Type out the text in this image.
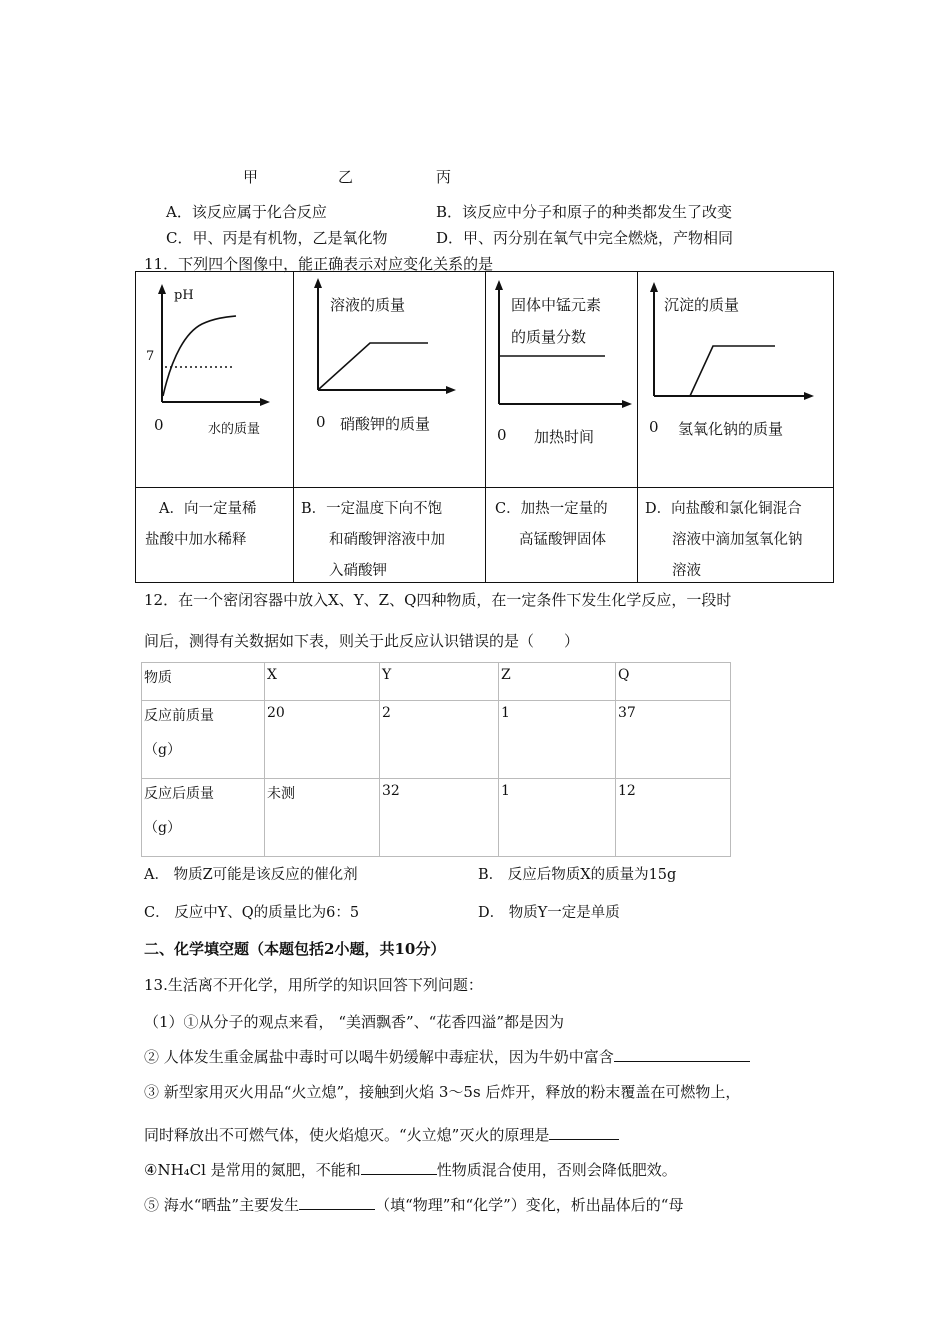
甲	乙	丙
A．该反应属于化合反应	B．该反应中分子和原子的种类都发生了改变
C．甲、丙是有机物，乙是氧化物	D．甲、丙分别在氧气中完全燃烧，产物相同
11．下列四个图像中，能正确表示对应变化关系的是
pH
7
0	水的质量
溶液的质量
0 硝酸钾的质量
固体中锰元素
的质量分数
0 加热时间
沉淀的质量
0 氢氧化钠的质量
A．向一定量稀
盐酸中加水稀释
B．一定温度下向不饱
和硝酸钾溶液中加
入硝酸钾
C．加热一定量的
高锰酸钾固体
D．向盐酸和氯化铜混合
溶液中滴加氢氧化钠
溶液
12．在一个密闭容器中放入X、Y、Z、Q四种物质，在一定条件下发生化学反应，一段时
间后，测得有关数据如下表，则关于此反应认识错误的是（　　）
物质	X	Y	Z	Q

反应前质量
（g）	20	2	1	37

反应后质量
（g）	未测	32	1	12
A． 物质Z可能是该反应的催化剂	B． 反应后物质X的质量为15g
C． 反应中Y、Q的质量比为6：5	D． 物质Y一定是单质
二、化学填空题（本题包括2小题，共10分）
13.生活离不开化学，用所学的知识回答下列问题：
（1）①从分子的观点来看， “美酒飘香”、“花香四溢”都是因为
② 人体发生重金属盐中毒时可以喝牛奶缓解中毒症状，因为牛奶中富含
③ 新型家用灭火用品“火立熄”，接触到火焰 3～5s 后炸开，释放的粉末覆盖在可燃物上，
同时释放出不可燃气体，使火焰熄灭。“火立熄”灭火的原理是
④NH₄Cl 是常用的氮肥，不能和	性物质混合使用，否则会降低肥效。
⑤ 海水“晒盐”主要发生	（填“物理”和“化学”）变化，析出晶体后的“母
